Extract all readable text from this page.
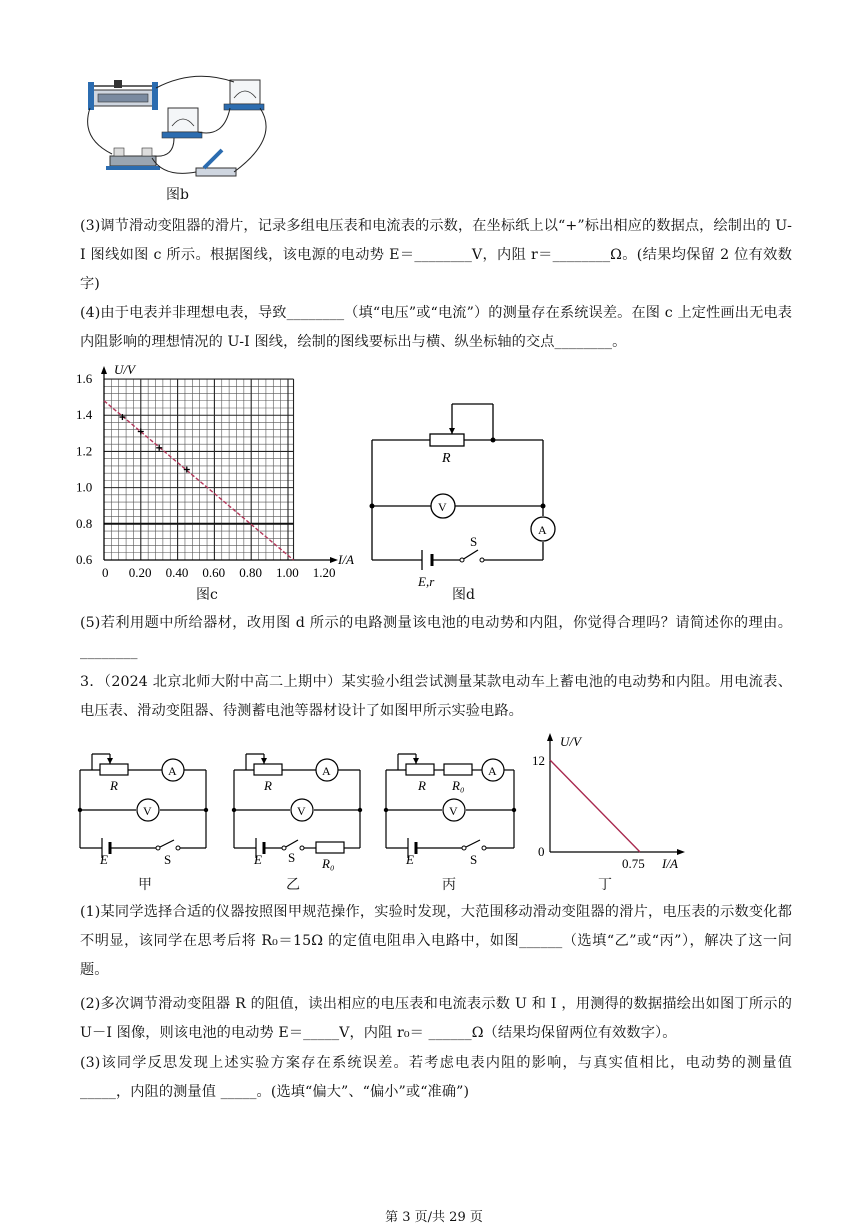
图b
(3)调节滑动变阻器的滑片，记录多组电压表和电流表的示数，在坐标纸上以“+”标出相应的数据点，绘制出的 U-I 图线如图 c 所示。根据图线，该电源的电动势 E＝________V，内阻 r＝________Ω。(结果均保留 2 位有效数字)
(4)由于电表并非理想电表，导致________（填“电压”或“电流”）的测量存在系统误差。在图 c 上定性画出无电表内阻影响的理想情况的 U-I 图线，绘制的图线要标出与横、纵坐标轴的交点________。
U/V
I/A
1.6
1.4
1.2
1.0
0.8
0.6
0 0.20 0.40 0.60 0.80 1.00 1.20
图c
R
V
A
S
E,r
图d
(5)若利用题中所给器材，改用图 d 所示的电路测量该电池的电动势和内阻，你觉得合理吗？请简述你的理由。________
3．（2024 北京北师大附中高二上期中）某实验小组尝试测量某款电动车上蓄电池的电动势和内阻。用电流表、电压表、滑动变阻器、待测蓄电池等器材设计了如图甲所示实验电路。
R
A
V
E	S
甲
R
A
V
E S R₀
乙
R R₀
A
V
E	S
丙
U/V
12
0
0.75 I/A
丁
(1)某同学选择合适的仪器按照图甲规范操作，实验时发现，大范围移动滑动变阻器的滑片，电压表的示数变化都不明显，该同学在思考后将 R₀＝15Ω 的定值电阻串入电路中，如图______（选填“乙”或“丙”），解决了这一问题。
(2)多次调节滑动变阻器 R 的阻值，读出相应的电压表和电流表示数 U 和 I ，用测得的数据描绘出如图丁所示的 U－I 图像，则该电池的电动势 E＝_____V，内阻 r₀＝ ______Ω（结果均保留两位有效数字）。
(3)该同学反思发现上述实验方案存在系统误差。若考虑电表内阻的影响，与真实值相比，电动势的测量值 _____，内阻的测量值 _____。(选填“偏大”、“偏小”或“准确”)
第 3 页/共 29 页
